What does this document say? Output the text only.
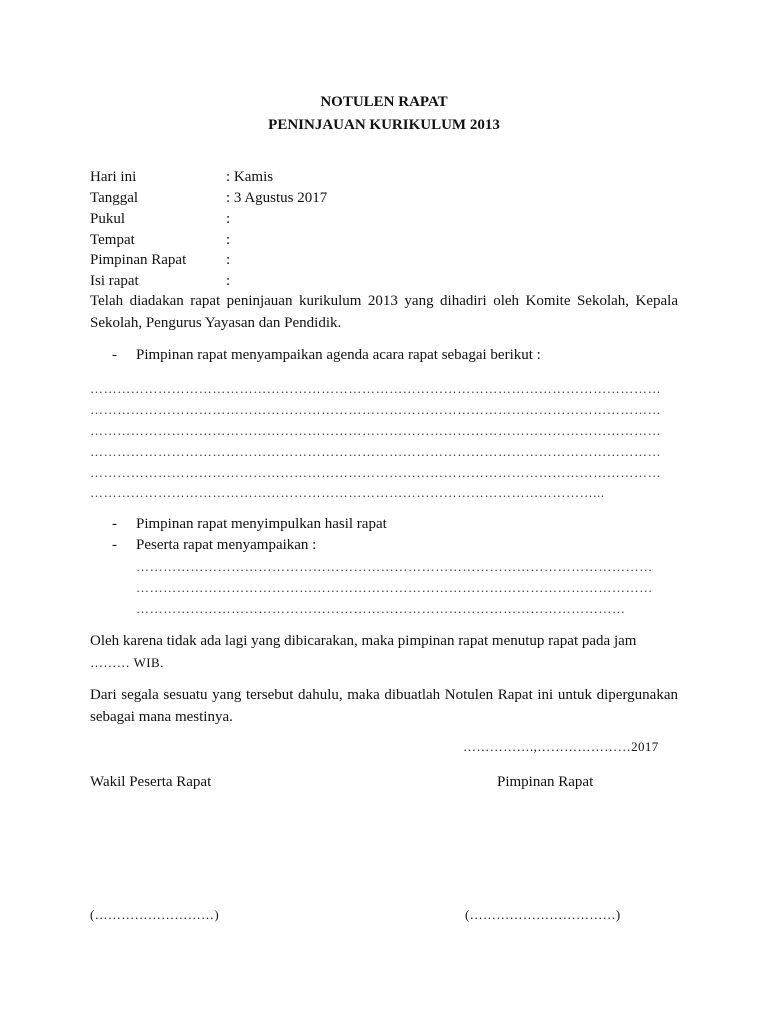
NOTULEN RAPAT
PENINJAUAN KURIKULUM 2013
Hari ini	: Kamis
Tanggal	: 3 Agustus 2017
Pukul	:
Tempat	:
Pimpinan Rapat	:
Isi rapat	:
Telah diadakan rapat peninjauan kurikulum 2013 yang dihadiri oleh Komite Sekolah, Kepala Sekolah, Pengurus Yayasan dan Pendidik.
- Pimpinan rapat menyampaikan agenda acara rapat sebagai berikut :
………………………………………………………………………………………………………………
………………………………………………………………………………………………………………
………………………………………………………………………………………………………………
………………………………………………………………………………………………………………
………………………………………………………………………………………………………………
…………………………………………………………………………………………………...
- Pimpinan rapat menyimpulkan hasil rapat
- Peserta rapat menyampaikan :
……………………………………………………………………………………………………
……………………………………………………………………………………………………
………………………………………………………………………………………………
Oleh karena tidak ada lagi yang dibicarakan, maka pimpinan rapat menutup rapat pada jam
……… WIB.
Dari segala sesuatu yang tersebut dahulu, maka dibuatlah Notulen Rapat ini untuk dipergunakan sebagai mana mestinya.
…………….,…………………2017
Wakil Peserta Rapat	Pimpinan Rapat
(………………………)	(……………………………)
